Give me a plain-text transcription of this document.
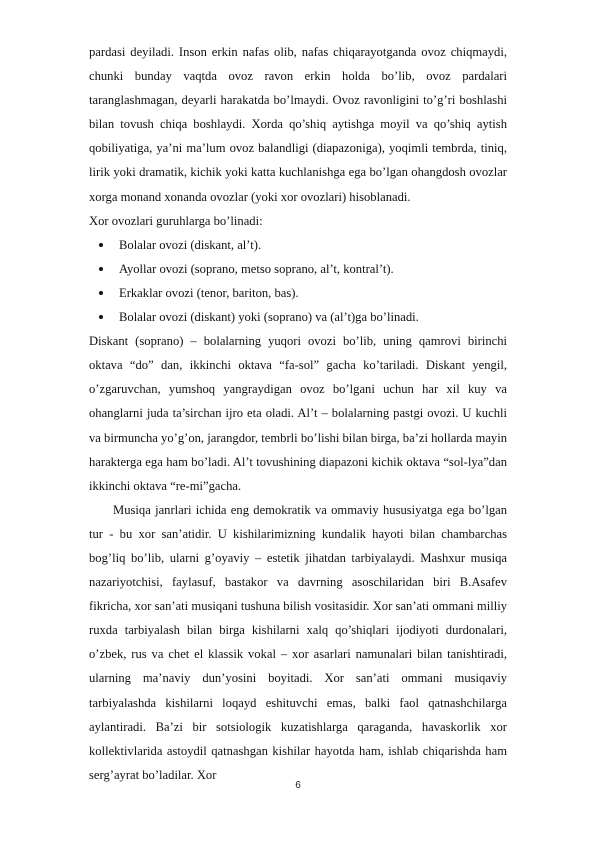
pardasi deyiladi. Inson erkin nafas olib, nafas chiqarayotganda ovoz chiqmaydi, chunki bunday vaqtda ovoz ravon erkin holda bo’lib, ovoz pardalari taranglashmagan, deyarli harakatda bo’lmaydi. Ovoz ravonligini to’g’ri boshlashi bilan tovush chiqa boshlaydi. Xorda qo’shiq aytishga moyil va qo’shiq aytish qobiliyatiga, ya’ni ma’lum ovoz balandligi (diapazoniga), yoqimli tembrda, tiniq, lirik yoki dramatik, kichik yoki katta kuchlanishga ega bo’lgan ohangdosh ovozlar xorga monand xonanda ovozlar (yoki xor ovozlari) hisoblanadi.

Xor ovozlari guruhlarga bo’linadi:

Bolalar ovozi (diskant, al’t).
Ayollar ovozi (soprano, metso soprano, al’t, kontral’t).
Erkaklar ovozi (tenor, bariton, bas).
Bolalar ovozi (diskant) yoki (soprano) va (al’t)ga bo’linadi.

Diskant (soprano) – bolalarning yuqori ovozi bo’lib, uning qamrovi birinchi oktava “do” dan, ikkinchi oktava “fa-sol” gacha ko’tariladi. Diskant yengil, o’zgaruvchan, yumshoq yangraydigan ovoz bo’lgani uchun har xil kuy va ohanglarni juda ta’sirchan ijro eta oladi. Al’t – bolalarning pastgi ovozi. U kuchli va birmuncha yo’g’on, jarangdor, tembrli bo’lishi bilan birga, ba’zi hollarda mayin harakterga ega ham bo’ladi. Al’t tovushining diapazoni kichik oktava “sol-lya”dan ikkinchi oktava “re-mi”gacha.

Musiqa janrlari ichida eng demokratik va ommaviy hususiyatga ega bo’lgan tur - bu xor san’atidir. U kishilarimizning kundalik hayoti bilan chambarchas bog’liq bo’lib, ularni g’oyaviy – estetik jihatdan tarbiyalaydi. Mashxur musiqa nazariyotchisi, faylasuf, bastakor va davrning asoschilaridan biri B.Asafev fikricha, xor san’ati musiqani tushuna bilish vositasidir. Xor san’ati ommani milliy ruxda tarbiyalash bilan birga kishilarni xalq qo’shiqlari ijodiyoti durdonalari, o’zbek, rus va chet el klassik vokal – xor asarlari namunalari bilan tanishtiradi, ularning ma’naviy dun’yosini boyitadi. Xor san’ati ommani musiqaviy tarbiyalashda kishilarni loqayd eshituvchi emas, balki faol qatnashchilarga aylantiradi. Ba’zi bir sotsiologik kuzatishlarga qaraganda, havaskorlik xor kollektivlarida astoydil qatnashgan kishilar hayotda ham, ishlab chiqarishda ham serg’ayrat bo’ladilar. Xor

6
